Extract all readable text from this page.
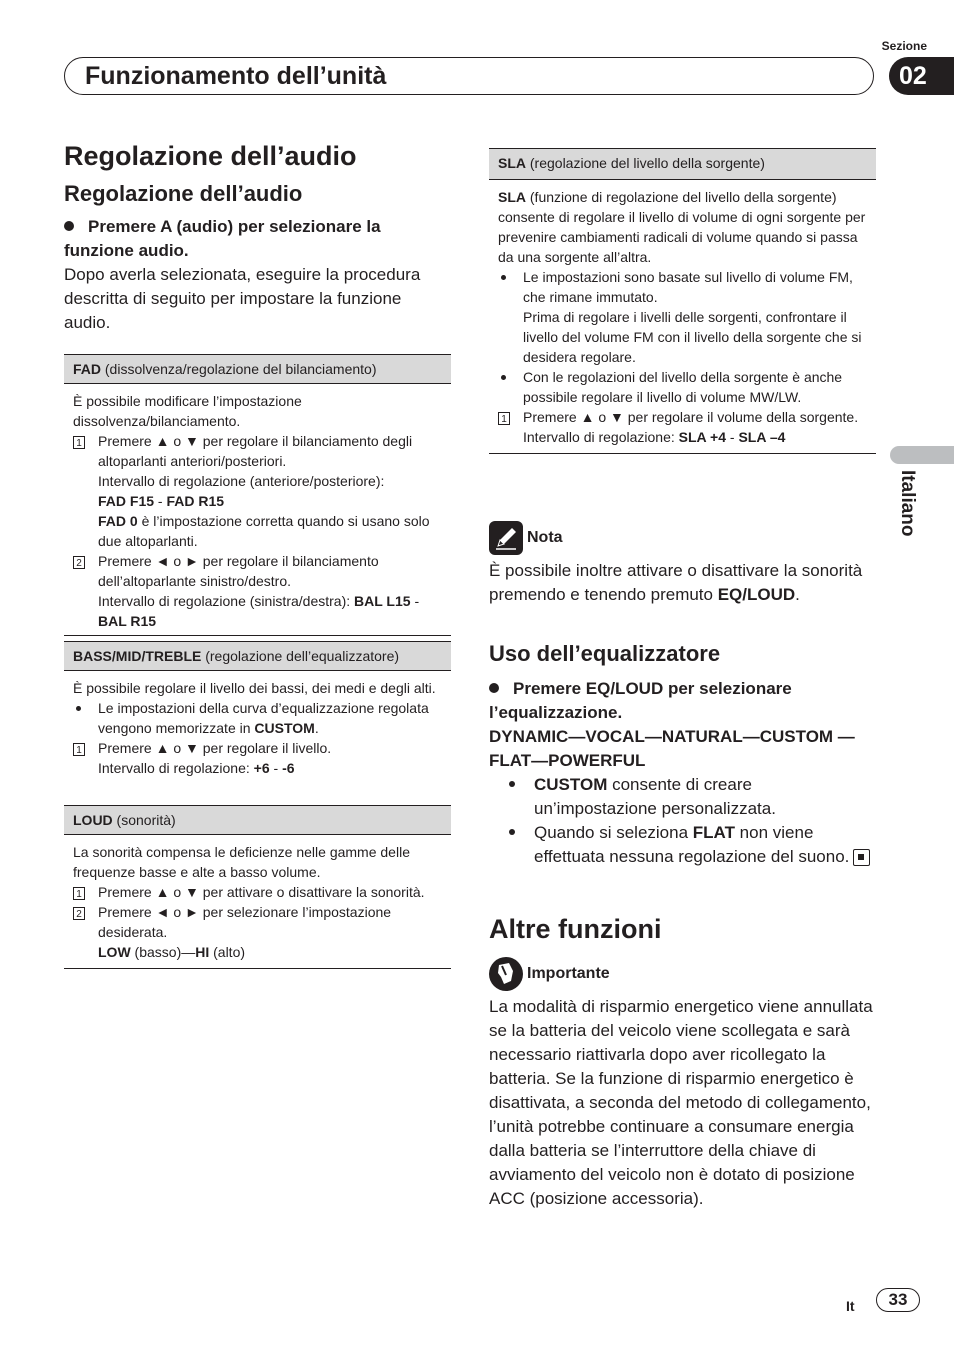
Sezione
Funzionamento dell’unità	02
Italiano
Regolazione dell’audio
Regolazione dell’audio
Premere A (audio) per selezionare la funzione audio.
Dopo averla selezionata, eseguire la procedura descritta di seguito per impostare la funzione audio.
FAD (dissolvenza/regolazione del bilanciamento)
È possibile modificare l’impostazione dissolvenza/bilanciamento.
1	Premere ▲ o ▼ per regolare il bilanciamento degli altoparlanti anteriori/posteriori.
Intervallo di regolazione (anteriore/posteriore):
FAD F15 - FAD R15
FAD 0 è l’impostazione corretta quando si usano solo due altoparlanti.
2	Premere ◄ o ► per regolare il bilanciamento dell’altoparlante sinistro/destro.
Intervallo di regolazione (sinistra/destra): BAL L15 - BAL R15
BASS/MID/TREBLE (regolazione dell’equalizzatore)
È possibile regolare il livello dei bassi, dei medi e degli alti.
Le impostazioni della curva d’equalizzazione regolata vengono memorizzate in CUSTOM.
1	Premere ▲ o ▼ per regolare il livello.
Intervallo di regolazione: +6 - -6
LOUD (sonorità)
La sonorità compensa le deficienze nelle gamme delle frequenze basse e alte a basso volume.
1	Premere ▲ o ▼ per attivare o disattivare la sonorità.
2	Premere ◄ o ► per selezionare l’impostazione desiderata.
LOW (basso)—HI (alto)
SLA (regolazione del livello della sorgente)
SLA (funzione di regolazione del livello della sorgente) consente di regolare il livello di volume di ogni sorgente per prevenire cambiamenti radicali di volume quando si passa da una sorgente all’altra.
Le impostazioni sono basate sul livello di volume FM, che rimane immutato.
Prima di regolare i livelli delle sorgenti, confrontare il livello del volume FM con il livello della sorgente che si desidera regolare.
Con le regolazioni del livello della sorgente è anche possibile regolare il livello di volume MW/LW.
1	Premere ▲ o ▼ per regolare il volume della sorgente.
Intervallo di regolazione: SLA +4 - SLA –4
Nota
È possibile inoltre attivare o disattivare la sonorità premendo e tenendo premuto EQ/LOUD.
Uso dell’equalizzatore
Premere EQ/LOUD per selezionare l’equalizzazione.
DYNAMIC—VOCAL—NATURAL—CUSTOM —FLAT—POWERFUL
CUSTOM consente di creare un’impostazione personalizzata.
Quando si seleziona FLAT non viene effettuata nessuna regolazione del suono.
Altre funzioni
Importante
La modalità di risparmio energetico viene annullata se la batteria del veicolo viene scollegata e sarà necessario riattivarla dopo aver ricollegato la batteria. Se la funzione di risparmio energetico è disattivata, a seconda del metodo di collegamento, l’unità potrebbe continuare a consumare energia dalla batteria se l’interruttore della chiave di avviamento del veicolo non è dotato di posizione ACC (posizione accessoria).
It	33
